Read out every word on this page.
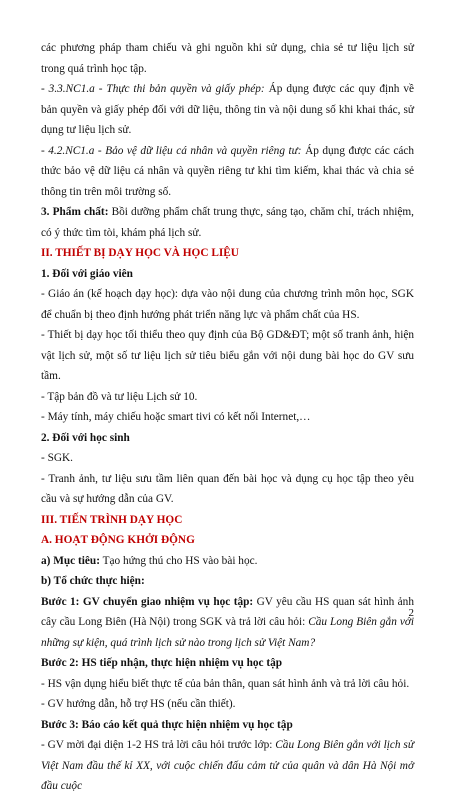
các phương pháp tham chiếu và ghi nguồn khi sử dụng, chia sẻ tư liệu lịch sử trong quá trình học tập.

- 3.3.NC1.a - Thực thi bản quyền và giấy phép: Áp dụng được các quy định về bản quyền và giấy phép đối với dữ liệu, thông tin và nội dung số khi khai thác, sử dụng tư liệu lịch sử.

- 4.2.NC1.a - Bảo vệ dữ liệu cá nhân và quyền riêng tư: Áp dụng được các cách thức bảo vệ dữ liệu cá nhân và quyền riêng tư khi tìm kiếm, khai thác và chia sẻ thông tin trên môi trường số.

3. Phẩm chất: Bồi dưỡng phẩm chất trung thực, sáng tạo, chăm chỉ, trách nhiệm, có ý thức tìm tòi, khám phá lịch sử.

II. THIẾT BỊ DẠY HỌC VÀ HỌC LIỆU

1. Đối với giáo viên

- Giáo án (kế hoạch dạy học): dựa vào nội dung của chương trình môn học, SGK để chuẩn bị theo định hướng phát triển năng lực và phẩm chất của HS.

- Thiết bị dạy học tối thiểu theo quy định của Bộ GD&ĐT; một số tranh ảnh, hiện vật lịch sử, một số tư liệu lịch sử tiêu biểu gắn với nội dung bài học do GV sưu tầm.

- Tập bản đồ và tư liệu Lịch sử 10.

- Máy tính, máy chiếu hoặc smart tivi có kết nối Internet,…

2. Đối với học sinh

- SGK.

- Tranh ảnh, tư liệu sưu tầm liên quan đến bài học và dụng cụ học tập theo yêu cầu và sự hướng dẫn của GV.

III. TIẾN TRÌNH DẠY HỌC

A. HOẠT ĐỘNG KHỞI ĐỘNG

a) Mục tiêu: Tạo hứng thú cho HS vào bài học.

b) Tổ chức thực hiện:

Bước 1: GV chuyển giao nhiệm vụ học tập: GV yêu cầu HS quan sát hình ảnh cây cầu Long Biên (Hà Nội) trong SGK và trả lời câu hỏi: Cầu Long Biên gắn với những sự kiện, quá trình lịch sử nào trong lịch sử Việt Nam?

Bước 2: HS tiếp nhận, thực hiện nhiệm vụ học tập

- HS vận dụng hiểu biết thực tế của bản thân, quan sát hình ảnh và trả lời câu hỏi.

- GV hướng dẫn, hỗ trợ HS (nếu cần thiết).

Bước 3: Báo cáo kết quả thực hiện nhiệm vụ học tập

- GV mời đại diện 1-2 HS trả lời câu hỏi trước lớp: Cầu Long Biên gắn với lịch sử Việt Nam đầu thế kỉ XX, với cuộc chiến đấu cảm tử của quân và dân Hà Nội mở đầu cuộc

2
